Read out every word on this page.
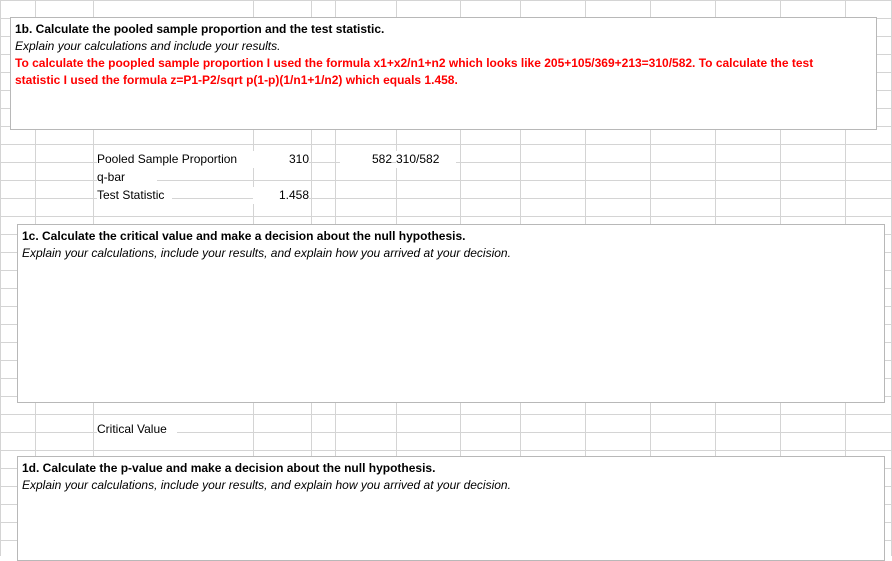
1b. Calculate the pooled sample proportion and the test statistic.
Explain your calculations and include your results.
To calculate the poopled sample proportion I used the formula x1+x2/n1+n2 which looks like 205+105/369+213=310/582. To calculate the test
statistic I used the formula z=P1-P2/sqrt p(1-p)(1/n1+1/n2) which equals 1.458.
Pooled Sample Proportion	310	582 310/582
q-bar
Test Statistic	1.458
1c. Calculate the critical value and make a decision about the null hypothesis.
Explain your calculations, include your results, and explain how you arrived at your decision.
Critical Value
1d. Calculate the p-value and make a decision about the null hypothesis.
Explain your calculations, include your results, and explain how you arrived at your decision.
